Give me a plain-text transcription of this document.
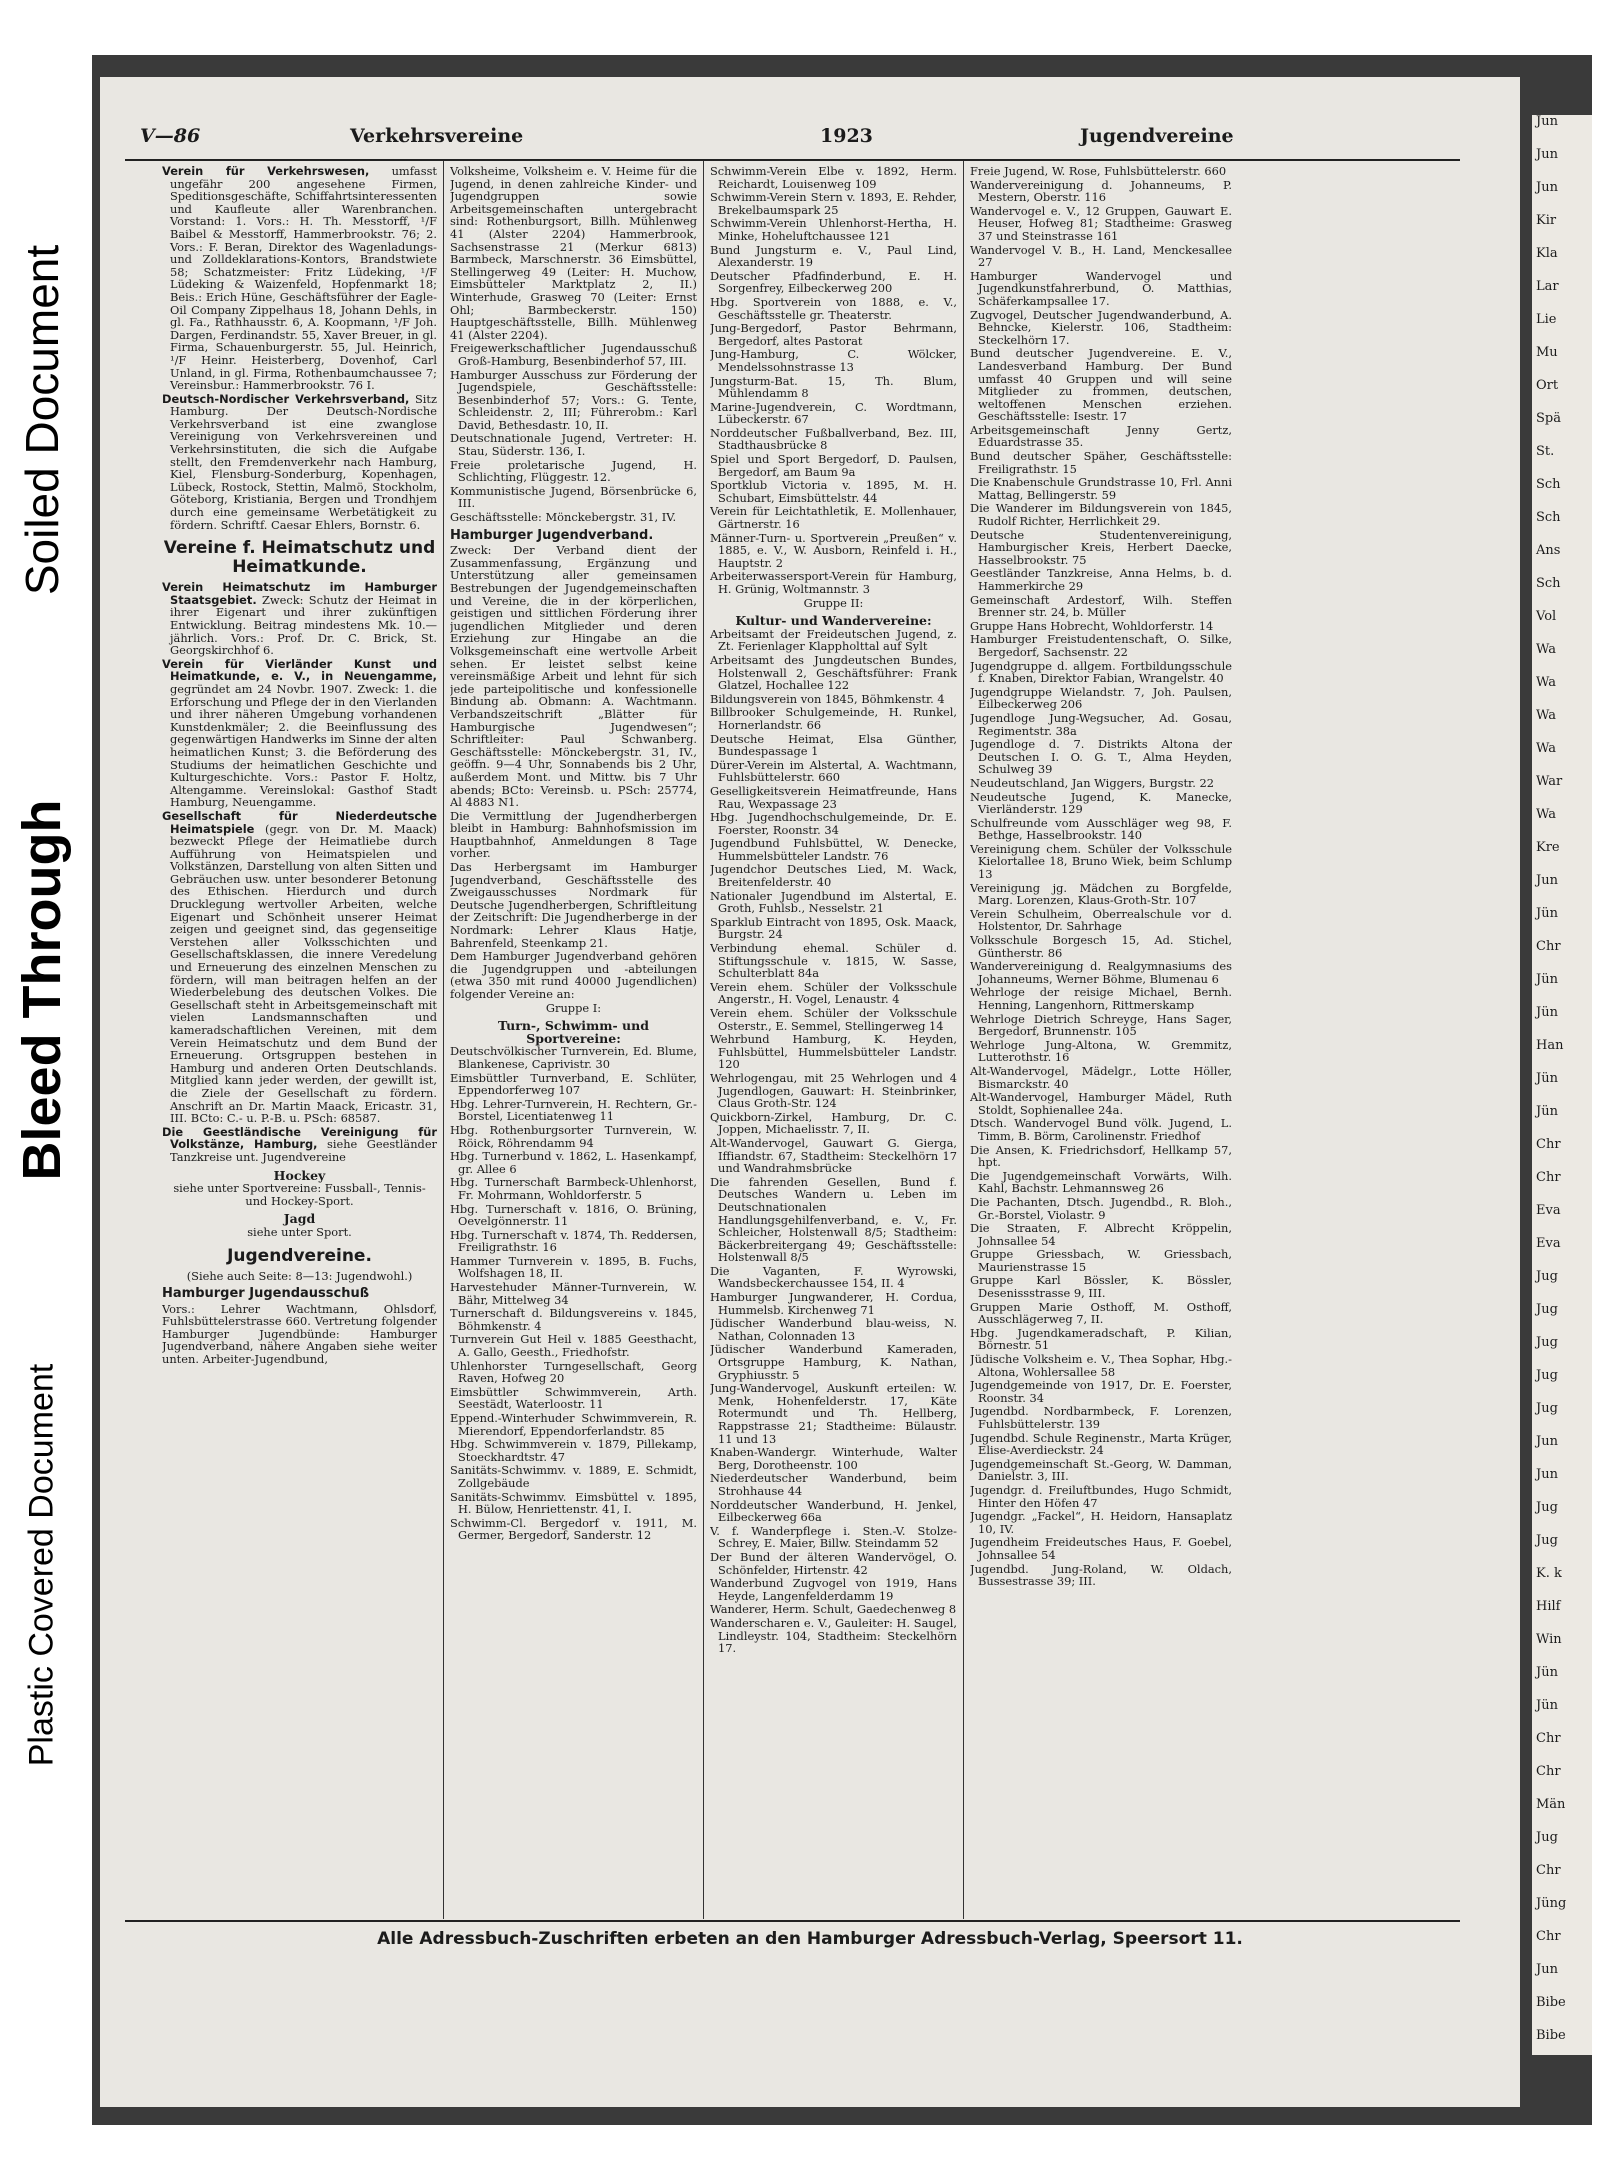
Soiled Document
Bleed Through
Plastic Covered Document
V—86	Verkehrsvereine	1923	Jugendvereine

Verein für Verkehrswesen, umfasst ungefähr 200 angesehene Firmen, Speditionsgeschäfte, Schiffahrtsinteressenten und Kaufleute aller Warenbranchen. Vorstand: 1. Vors.: H. Th. Messtorff, ¹/F Baibel & Messtorff, Hammerbrookstr. 76; 2. Vors.: F. Beran, Direktor des Wagenladungs- und Zolldeklarations-Kontors, Brandstwiete 58; Schatzmeister: Fritz Lüdeking, ¹/F Lüdeking & Waizenfeld, Hopfenmarkt 18; Beis.: Erich Hüne, Geschäftsführer der Eagle-Oil Company Zippelhaus 18, Johann Dehls, in gl. Fa., Rathhausstr. 6, A. Koopmann, ¹/F Joh. Dargen, Ferdinandstr. 55, Xaver Breuer, in gl. Firma, Schauenburgerstr. 55, Jul. Heinrich, ¹/F Heinr. Heisterberg, Dovenhof, Carl Unland, in gl. Firma, Rothenbaumchaussee 7; Vereinsbur.: Hammerbrookstr. 76 I.

Deutsch-Nordischer Verkehrsverband, Sitz Hamburg. Der Deutsch-Nordische Verkehrsverband ist eine zwanglose Vereinigung von Verkehrsvereinen und Verkehrsinstituten, die sich die Aufgabe stellt, den Fremdenverkehr nach Hamburg, Kiel, Flensburg-Sonderburg, Kopenhagen, Lübeck, Rostock, Stettin, Malmö, Stockholm, Göteborg, Kristiania, Bergen und Trondhjem durch eine gemeinsame Werbetätigkeit zu fördern. Schriftf. Caesar Ehlers, Bornstr. 6.

Vereine f. Heimatschutz und Heimatkunde.

Verein Heimatschutz im Hamburger Staatsgebiet. Zweck: Schutz der Heimat in ihrer Eigenart und ihrer zukünftigen Entwicklung. Beitrag mindestens Mk. 10.— jährlich. Vors.: Prof. Dr. C. Brick, St. Georgskirchhof 6.

Verein für Vierländer Kunst und Heimatkunde, e. V., in Neuengamme, gegründet am 24 Novbr. 1907. Zweck: 1. die Erforschung und Pflege der in den Vierlanden und ihrer näheren Umgebung vorhandenen Kunstdenkmäler; 2. die Beeinflussung des gegenwärtigen Handwerks im Sinne der alten heimatlichen Kunst; 3. die Beförderung des Studiums der heimatlichen Geschichte und Kulturgeschichte. Vors.: Pastor F. Holtz, Altengamme. Vereinslokal: Gasthof Stadt Hamburg, Neuengamme.

Gesellschaft für Niederdeutsche Heimatspiele (gegr. von Dr. M. Maack) bezweckt Pflege der Heimatliebe durch Aufführung von Heimatspielen und Volkstänzen, Darstellung von alten Sitten und Gebräuchen usw. unter besonderer Betonung des Ethischen. Hierdurch und durch Drucklegung wertvoller Arbeiten, welche Eigenart und Schönheit unserer Heimat zeigen und geeignet sind, das gegenseitige Verstehen aller Volksschichten und Gesellschaftsklassen, die innere Veredelung und Erneuerung des einzelnen Menschen zu fördern, will man beitragen helfen an der Wiederbelebung des deutschen Volkes. Die Gesellschaft steht in Arbeitsgemeinschaft mit vielen Landsmannschaften und kameradschaftlichen Vereinen, mit dem Verein Heimatschutz und dem Bund der Erneuerung. Ortsgruppen bestehen in Hamburg und anderen Orten Deutschlands. Mitglied kann jeder werden, der gewillt ist, die Ziele der Gesellschaft zu fördern. Anschrift an Dr. Martin Maack, Ericastr. 31, III. BCto: C.- u. P.-B. u. PSch: 68587.

Die Geestländische Vereinigung für Volkstänze, Hamburg, siehe Geestländer Tanzkreise unt. Jugendvereine

Hockey

siehe unter Sportvereine: Fussball-, Tennis- und Hockey-Sport.

Jagd

siehe unter Sport.

Jugendvereine.

(Siehe auch Seite: 8—13: Jugendwohl.)

Hamburger Jugendausschuß

Vors.: Lehrer Wachtmann, Ohlsdorf, Fuhlsbüttelerstrasse 660. Vertretung folgender Hamburger Jugendbünde: Hamburger Jugendverband, nähere Angaben siehe weiter unten. Arbeiter-Jugendbund,

Volksheime, Volksheim e. V. Heime für die Jugend, in denen zahlreiche Kinder- und Jugendgruppen sowie Arbeitsgemeinschaften untergebracht sind: Rothenburgsort, Billh. Mühlenweg 41 (Alster 2204) Hammerbrook, Sachsenstrasse 21 (Merkur 6813) Barmbeck, Marschnerstr. 36 Eimsbüttel, Stellingerweg 49 (Leiter: H. Muchow, Eimsbütteler Marktplatz 2, II.) Winterhude, Grasweg 70 (Leiter: Ernst Ohl; Barmbeckerstr. 150) Hauptgeschäftsstelle, Billh. Mühlenweg 41 (Alster 2204).

Freigewerkschaftlicher Jugendausschuß Groß-Hamburg, Besenbinderhof 57, III.

Hamburger Ausschuss zur Förderung der Jugendspiele, Geschäftsstelle: Besenbinderhof 57; Vors.: G. Tente, Schleidenstr. 2, III; Führerobm.: Karl David, Bethesdastr. 10, II.

Deutschnationale Jugend, Vertreter: H. Stau, Süderstr. 136, I.

Freie proletarische Jugend, H. Schlichting, Flüggestr. 12.

Kommunistische Jugend, Börsenbrücke 6, III.

Geschäftsstelle: Mönckebergstr. 31, IV.

Hamburger Jugendverband.

Zweck: Der Verband dient der Zusammenfassung, Ergänzung und Unterstützung aller gemeinsamen Bestrebungen der Jugendgemeinschaften und Vereine, die in der körperlichen, geistigen und sittlichen Förderung ihrer jugendlichen Mitglieder und deren Erziehung zur Hingabe an die Volksgemeinschaft eine wertvolle Arbeit sehen. Er leistet selbst keine vereinsmäßige Arbeit und lehnt für sich jede parteipolitische und konfessionelle Bindung ab. Obmann: A. Wachtmann. Verbandszeitschrift „Blätter für Hamburgische Jugendwesen“; Schriftleiter: Paul Schwanberg. Geschäftsstelle: Mönckebergstr. 31, IV., geöffn. 9—4 Uhr, Sonnabends bis 2 Uhr, außerdem Mont. und Mittw. bis 7 Uhr abends; BCto: Vereinsb. u. PSch: 25774, Al 4883 N1.

Die Vermittlung der Jugendherbergen bleibt in Hamburg: Bahnhofsmission im Hauptbahnhof, Anmeldungen 8 Tage vorher.

Das Herbergsamt im Hamburger Jugendverband, Geschäftsstelle des Zweigausschusses Nordmark für Deutsche Jugendherbergen, Schriftleitung der Zeitschrift: Die Jugendherberge in der Nordmark: Lehrer Klaus Hatje, Bahrenfeld, Steenkamp 21.

Dem Hamburger Jugendverband gehören die Jugendgruppen und -abteilungen (etwa 350 mit rund 40000 Jugendlichen) folgender Vereine an:

Gruppe I:

Turn-, Schwimm- und Sportvereine:

Deutschvölkischer Turnverein, Ed. Blume, Blankenese, Caprivistr. 30

Eimsbüttler Turnverband, E. Schlüter, Eppendorferweg 107

Hbg. Lehrer-Turnverein, H. Rechtern, Gr.-Borstel, Licentiatenweg 11

Hbg. Rothenburgsorter Turnverein, W. Röick, Röhrendamm 94

Hbg. Turnerbund v. 1862, L. Hasenkampf, gr. Allee 6

Hbg. Turnerschaft Barmbeck-Uhlenhorst, Fr. Mohrmann, Wohldorferstr. 5

Hbg. Turnerschaft v. 1816, O. Brüning, Oevelgönnerstr. 11

Hbg. Turnerschaft v. 1874, Th. Reddersen, Freiligrathstr. 16

Hammer Turnverein v. 1895, B. Fuchs, Wolfshagen 18, II.

Harvestehuder Männer-Turnverein, W. Bähr, Mittelweg 34

Turnerschaft d. Bildungsvereins v. 1845, Böhmkenstr. 4

Turnverein Gut Heil v. 1885 Geesthacht, A. Gallo, Geesth., Friedhofstr.

Uhlenhorster Turngesellschaft, Georg Raven, Hofweg 20

Eimsbüttler Schwimmverein, Arth. Seestädt, Waterloostr. 11

Eppend.-Winterhuder Schwimmverein, R. Mierendorf, Eppendorferlandstr. 85

Hbg. Schwimmverein v. 1879, Pillekamp, Stoeckhardtstr. 47

Sanitäts-Schwimmv. v. 1889, E. Schmidt, Zollgebäude

Sanitäts-Schwimmv. Eimsbüttel v. 1895, H. Bülow, Henriettenstr. 41, I.

Schwimm-Cl. Bergedorf v. 1911, M. Germer, Bergedorf, Sanderstr. 12

Schwimm-Verein Elbe v. 1892, Herm. Reichardt, Louisenweg 109

Schwimm-Verein Stern v. 1893, E. Rehder, Brekelbaumspark 25

Schwimm-Verein Uhlenhorst-Hertha, H. Minke, Hoheluftchaussee 121

Bund Jungsturm e. V., Paul Lind, Alexanderstr. 19

Deutscher Pfadfinderbund, E. H. Sorgenfrey, Eilbeckerweg 200

Hbg. Sportverein von 1888, e. V., Geschäftsstelle gr. Theaterstr.

Jung-Bergedorf, Pastor Behrmann, Bergedorf, altes Pastorat

Jung-Hamburg, C. Wölcker, Mendelssohnstrasse 13

Jungsturm-Bat. 15, Th. Blum, Mühlendamm 8

Marine-Jugendverein, C. Wordtmann, Lübeckerstr. 67

Norddeutscher Fußballverband, Bez. III, Stadthausbrücke 8

Spiel und Sport Bergedorf, D. Paulsen, Bergedorf, am Baum 9a

Sportklub Victoria v. 1895, M. H. Schubart, Eimsbüttelstr. 44

Verein für Leichtathletik, E. Mollenhauer, Gärtnerstr. 16

Männer-Turn- u. Sportverein „Preußen“ v. 1885, e. V., W. Ausborn, Reinfeld i. H., Hauptstr. 2

Arbeiterwassersport-Verein für Hamburg, H. Grünig, Woltmannstr. 3

Gruppe II:

Kultur- und Wandervereine:

Arbeitsamt der Freideutschen Jugend, z. Zt. Ferienlager Klappholttal auf Sylt

Arbeitsamt des Jungdeutschen Bundes, Holstenwall 2, Geschäftsführer: Frank Glatzel, Hochallee 122

Bildungsverein von 1845, Böhmkenstr. 4

Billbrooker Schulgemeinde, H. Runkel, Hornerlandstr. 66

Deutsche Heimat, Elsa Günther, Bundespassage 1

Dürer-Verein im Alstertal, A. Wachtmann, Fuhlsbüttelerstr. 660

Geselligkeitsverein Heimatfreunde, Hans Rau, Wexpassage 23

Hbg. Jugendhochschulgemeinde, Dr. E. Foerster, Roonstr. 34

Jugendbund Fuhlsbüttel, W. Denecke, Hummelsbütteler Landstr. 76

Jugendchor Deutsches Lied, M. Wack, Breitenfelderstr. 40

Nationaler Jugendbund im Alstertal, E. Groth, Fuhlsb., Nesselstr. 21

Sparklub Eintracht von 1895, Osk. Maack, Burgstr. 24

Verbindung ehemal. Schüler d. Stiftungsschule v. 1815, W. Sasse, Schulterblatt 84a

Verein ehem. Schüler der Volksschule Angerstr., H. Vogel, Lenaustr. 4

Verein ehem. Schüler der Volksschule Osterstr., E. Semmel, Stellingerweg 14

Wehrbund Hamburg, K. Heyden, Fuhlsbüttel, Hummelsbütteler Landstr. 120

Wehrlogengau, mit 25 Wehrlogen und 4 Jugendlogen, Gauwart: H. Steinbrinker, Claus Groth-Str. 124

Quickborn-Zirkel, Hamburg, Dr. C. Joppen, Michaelisstr. 7, II.

Alt-Wandervogel, Gauwart G. Gierga, Iffiandstr. 67, Stadtheim: Steckelhörn 17 und Wandrahmsbrücke

Die fahrenden Gesellen, Bund f. Deutsches Wandern u. Leben im Deutschnationalen Handlungsgehilfenverband, e. V., Fr. Schleicher, Holstenwall 8/5; Stadtheim: Bäckerbreitergang 49; Geschäftsstelle: Holstenwall 8/5

Die Vaganten, F. Wyrowski, Wandsbeckerchaussee 154, II. 4

Hamburger Jungwanderer, H. Cordua, Hummelsb. Kirchenweg 71

Jüdischer Wanderbund blau-weiss, N. Nathan, Colonnaden 13

Jüdischer Wanderbund Kameraden, Ortsgruppe Hamburg, K. Nathan, Gryphiusstr. 5

Jung-Wandervogel, Auskunft erteilen: W. Menk, Hohenfelderstr. 17, Käte Rotermundt und Th. Hellberg, Rappstrasse 21; Stadtheime: Bülaustr. 11 und 13

Knaben-Wandergr. Winterhude, Walter Berg, Dorotheenstr. 100

Niederdeutscher Wanderbund, beim Strohhause 44

Norddeutscher Wanderbund, H. Jenkel, Eilbeckerweg 66a

V. f. Wanderpflege i. Sten.-V. Stolze-Schrey, E. Maier, Billw. Steindamm 52

Der Bund der älteren Wandervögel, O. Schönfelder, Hirtenstr. 42

Wanderbund Zugvogel von 1919, Hans Heyde, Langenfelderdamm 19

Wanderer, Herm. Schult, Gaedechenweg 8

Wanderscharen e. V., Gauleiter: H. Saugel, Lindleystr. 104, Stadtheim: Steckelhörn 17.

Freie Jugend, W. Rose, Fuhlsbüttelerstr. 660

Wandervereinigung d. Johanneums, P. Mestern, Oberstr. 116

Wandervogel e. V., 12 Gruppen, Gauwart E. Heuser, Hofweg 81; Stadtheime: Grasweg 37 und Steinstrasse 161

Wandervogel V. B., H. Land, Menckesallee 27

Hamburger Wandervogel und Jugendkunstfahrerbund, O. Matthias, Schäferkampsallee 17.

Zugvogel, Deutscher Jugendwanderbund, A. Behncke, Kielerstr. 106, Stadtheim: Steckelhörn 17.

Bund deutscher Jugendvereine. E. V., Landesverband Hamburg. Der Bund umfasst 40 Gruppen und will seine Mitglieder zu frommen, deutschen, weltoffenen Menschen erziehen. Geschäftsstelle: Isestr. 17

Arbeitsgemeinschaft Jenny Gertz, Eduardstrasse 35.

Bund deutscher Späher, Geschäftsstelle: Freiligrathstr. 15

Die Knabenschule Grundstrasse 10, Frl. Anni Mattag, Bellingerstr. 59

Die Wanderer im Bildungsverein von 1845, Rudolf Richter, Herrlichkeit 29.

Deutsche Studentenvereinigung, Hamburgischer Kreis, Herbert Daecke, Hasselbrookstr. 75

Geestländer Tanzkreise, Anna Helms, b. d. Hammerkirche 29

Gemeinschaft Ardestorf, Wilh. Steffen Brenner str. 24, b. Müller

Gruppe Hans Hobrecht, Wohldorferstr. 14

Hamburger Freistudentenschaft, O. Silke, Bergedorf, Sachsenstr. 22

Jugendgruppe d. allgem. Fortbildungsschule f. Knaben, Direktor Fabian, Wrangelstr. 40

Jugendgruppe Wielandstr. 7, Joh. Paulsen, Eilbeckerweg 206

Jugendloge Jung-Wegsucher, Ad. Gosau, Regimentstr. 38a

Jugendloge d. 7. Distrikts Altona der Deutschen I. O. G. T., Alma Heyden, Schulweg 39

Neudeutschland, Jan Wiggers, Burgstr. 22

Neudeutsche Jugend, K. Manecke, Vierländerstr. 129

Schulfreunde vom Ausschläger weg 98, F. Bethge, Hasselbrookstr. 140

Vereinigung chem. Schüler der Volksschule Kielortallee 18, Bruno Wiek, beim Schlump 13

Vereinigung jg. Mädchen zu Borgfelde, Marg. Lorenzen, Klaus-Groth-Str. 107

Verein Schulheim, Oberrealschule vor d. Holstentor, Dr. Sahrhage

Volksschule Borgesch 15, Ad. Stichel, Güntherstr. 86

Wandervereinigung d. Realgymnasiums des Johanneums, Werner Böhme, Blumenau 6

Wehrloge der reisige Michael, Bernh. Henning, Langenhorn, Rittmerskamp

Wehrloge Dietrich Schreyge, Hans Sager, Bergedorf, Brunnenstr. 105

Wehrloge Jung-Altona, W. Gremmitz, Lutterothstr. 16

Alt-Wandervogel, Mädelgr., Lotte Höller, Bismarckstr. 40

Alt-Wandervogel, Hamburger Mädel, Ruth Stoldt, Sophienallee 24a.

Dtsch. Wandervogel Bund völk. Jugend, L. Timm, B. Börm, Carolinenstr. Friedhof

Die Ansen, K. Friedrichsdorf, Hellkamp 57, hpt.

Die Jugendgemeinschaft Vorwärts, Wilh. Kahl, Bachstr. Lehmannsweg 26

Die Pachanten, Dtsch. Jugendbd., R. Bloh., Gr.-Borstel, Violastr. 9

Die Straaten, F. Albrecht Kröppelin, Johnsallee 54

Gruppe Griessbach, W. Griessbach, Maurienstrasse 15

Gruppe Karl Bössler, K. Bössler, Desenissstrasse 9, III.

Gruppen Marie Osthoff, M. Osthoff, Ausschlägerweg 7, II.

Hbg. Jugendkameradschaft, P. Kilian, Börnestr. 51

Jüdische Volksheim e. V., Thea Sophar, Hbg.-Altona, Wohlersallee 58

Jugendgemeinde von 1917, Dr. E. Foerster, Roonstr. 34

Jugendbd. Nordbarmbeck, F. Lorenzen, Fuhlsbüttelerstr. 139

Jugendbd. Schule Reginenstr., Marta Krüger, Elise-Averdieckstr. 24

Jugendgemeinschaft St.-Georg, W. Damman, Danielstr. 3, III.

Jugendgr. d. Freiluftbundes, Hugo Schmidt, Hinter den Höfen 47

Jugendgr. „Fackel“, H. Heidorn, Hansaplatz 10, IV.

Jugendheim Freideutsches Haus, F. Goebel, Johnsallee 54

Jugendbd. Jung-Roland, W. Oldach, Bussestrasse 39; III.

Alle Adressbuch-Zuschriften erbeten an den Hamburger Adressbuch-Verlag, Speersort 11.
Jun
Jun
Jun
Kir
Kla
Lar
Lie
Mu
Ort
Spä
St.
Sch
Sch
Ans
Sch
Vol
Wa
Wa
Wa
Wa
War
Wa
Kre
Jun
Jün
Chr
Jün
Jün
Han
Jün
Jün
Chr
Chr
Eva
Eva
Jug
Jug
Jug
Jug
Jug
Jun
Jun
Jug
Jug
K. k
Hilf
Win
Jün
Jün
Chr
Chr
Män
Jug
Chr
Jüng
Chr
Jun
Bibe
Bibe
